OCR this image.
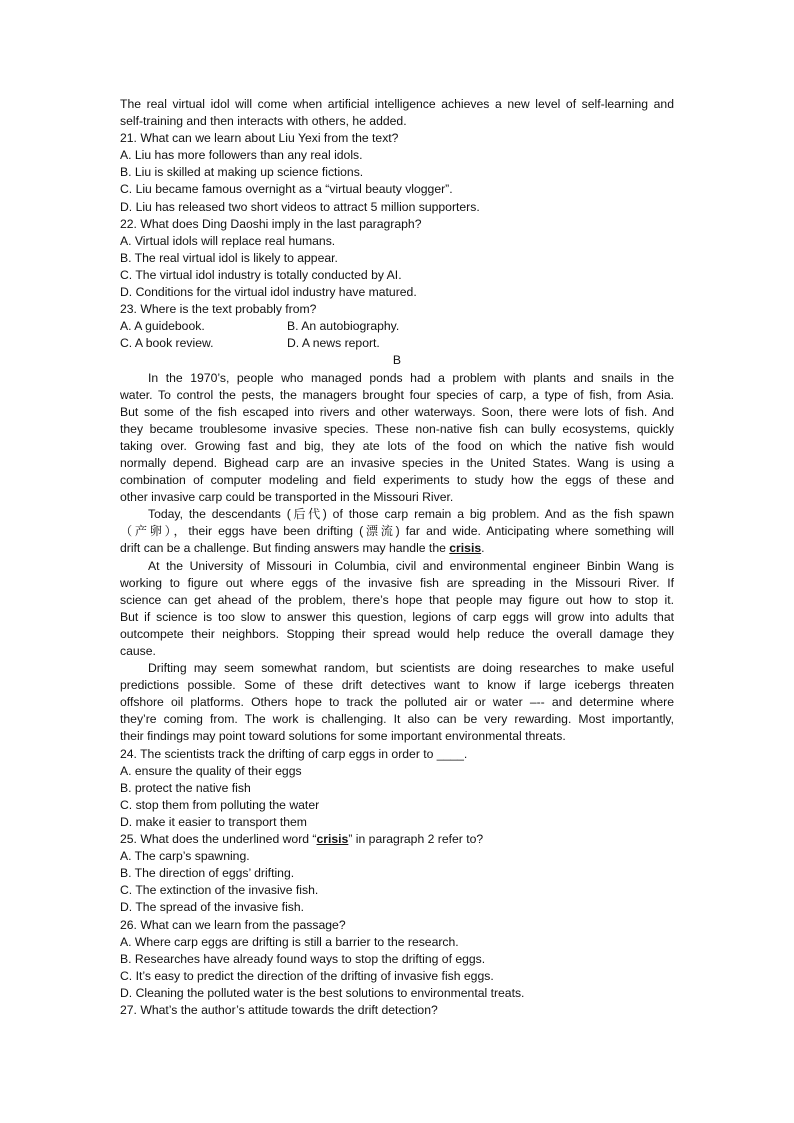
The real virtual idol will come when artificial intelligence achieves a new level of self-learning and
self-training and then interacts with others, he added.
21. What can we learn about Liu Yexi from the text?
A. Liu has more followers than any real idols.
B. Liu is skilled at making up science fictions.
C. Liu became famous overnight as a “virtual beauty vlogger”.
D. Liu has released two short videos to attract 5 million supporters.
22. What does Ding Daoshi imply in the last paragraph?
A. Virtual idols will replace real humans.
B. The real virtual idol is likely to appear.
C. The virtual idol industry is totally conducted by AI.
D. Conditions for the virtual idol industry have matured.
23. Where is the text probably from?
A. A guidebook.	B. An autobiography.
C. A book review.	D. A news report.
B
In the 1970’s, people who managed ponds had a problem with plants and snails in the
water. To control the pests, the managers brought four species of carp, a type of fish, from Asia.
But some of the fish escaped into rivers and other waterways. Soon, there were lots of fish. And
they became troublesome invasive species. These non-native fish can bully ecosystems, quickly
taking over. Growing fast and big, they ate lots of the food on which the native fish would
normally depend. Bighead carp are an invasive species in the United States. Wang is using a
combination of computer modeling and field experiments to study how the eggs of these and
other invasive carp could be transported in the Missouri River.
Today, the descendants (后代) of those carp remain a big problem. And as the fish spawn
（产卵），their eggs have been drifting (漂流) far and wide. Anticipating where something will
drift can be a challenge. But finding answers may handle the crisis.
At the University of Missouri in Columbia, civil and environmental engineer Binbin Wang is
working to figure out where eggs of the invasive fish are spreading in the Missouri River. If
science can get ahead of the problem, there’s hope that people may figure out how to stop it.
But if science is too slow to answer this question, legions of carp eggs will grow into adults that
outcompete their neighbors. Stopping their spread would help reduce the overall damage they
cause.
Drifting may seem somewhat random, but scientists are doing researches to make useful
predictions possible. Some of these drift detectives want to know if large icebergs threaten
offshore oil platforms. Others hope to track the polluted air or water –-- and determine where
they’re coming from. The work is challenging. It also can be very rewarding. Most importantly,
their findings may point toward solutions for some important environmental threats.
24. The scientists track the drifting of carp eggs in order to ____.
A. ensure the quality of their eggs
B. protect the native fish
C. stop them from polluting the water
D. make it easier to transport them
25. What does the underlined word “crisis” in paragraph 2 refer to?
A. The carp’s spawning.
B. The direction of eggs’ drifting.
C. The extinction of the invasive fish.
D. The spread of the invasive fish.
26. What can we learn from the passage?
A. Where carp eggs are drifting is still a barrier to the research.
B. Researches have already found ways to stop the drifting of eggs.
C. It’s easy to predict the direction of the drifting of invasive fish eggs.
D. Cleaning the polluted water is the best solutions to environmental treats.
27. What’s the author’s attitude towards the drift detection?
